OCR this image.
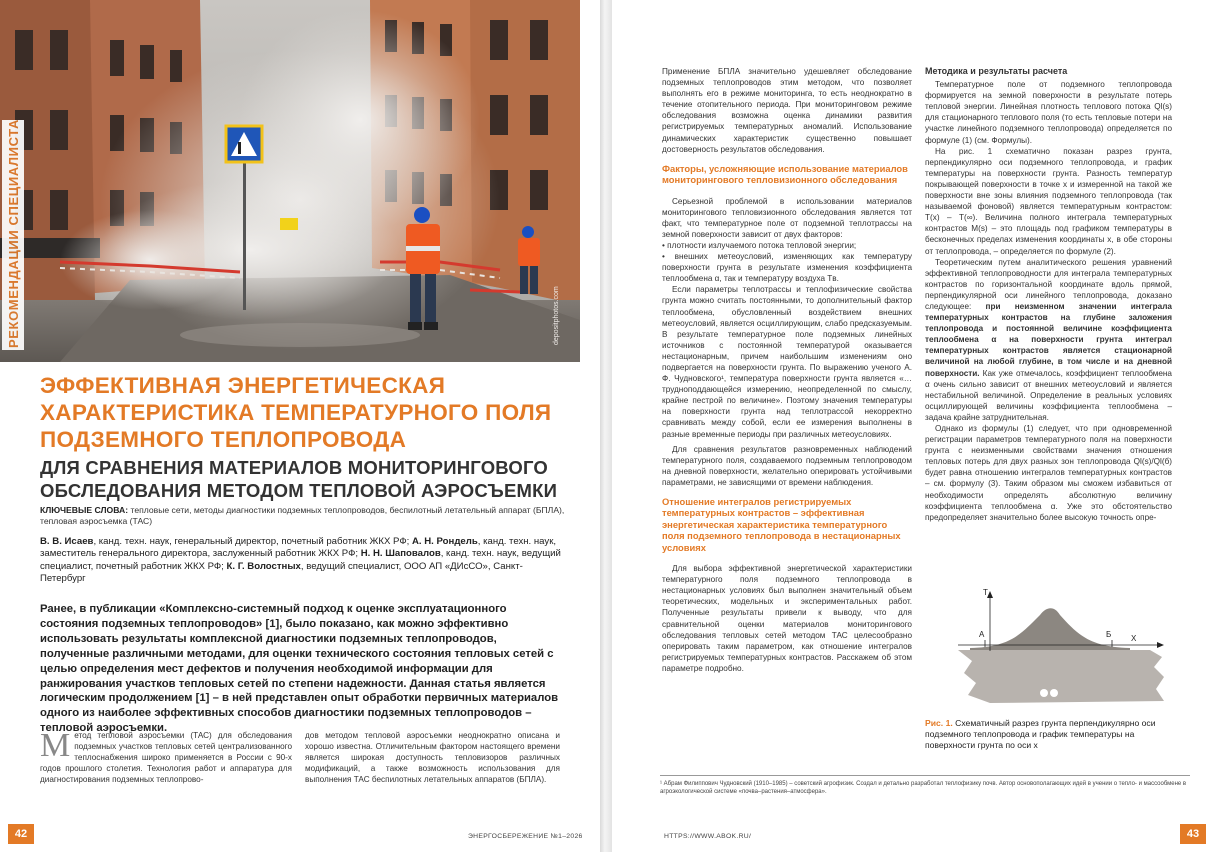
depositphotos.com
РЕКОМЕНДАЦИИ СПЕЦИАЛИСТА
ЭФФЕКТИВНАЯ ЭНЕРГЕТИЧЕСКАЯ ХАРАКТЕРИСТИКА ТЕМПЕРАТУРНОГО ПОЛЯ ПОДЗЕМНОГО ТЕПЛОПРОВОДА
ДЛЯ СРАВНЕНИЯ МАТЕРИАЛОВ МОНИТОРИНГОВОГО ОБСЛЕДОВАНИЯ МЕТОДОМ ТЕПЛОВОЙ АЭРОСЪЕМКИ
КЛЮЧЕВЫЕ СЛОВА: тепловые сети, методы диагностики подземных теплопроводов, беспилотный летательный аппарат (БПЛА), тепловая аэросъемка (ТАС)
В. В. Исаев, канд. техн. наук, генеральный директор, почетный работник ЖКХ РФ; А. Н. Рондель, канд. техн. наук, заместитель генерального директора, заслуженный работник ЖКХ РФ; Н. Н. Шаповалов, канд. техн. наук, ведущий специалист, почетный работник ЖКХ РФ; К. Г. Волостных, ведущий специалист, ООО АП «ДИсСО», Санкт-Петербург

Ранее, в публикации «Комплексно-системный подход к оценке эксплуатационного состояния подземных теплопроводов» [1], было показано, как можно эффективно использовать результаты комплексной диагностики подземных теплопроводов, полученные различными методами, для оценки технического состояния тепловых сетей с целью определения мест дефектов и получения необходимой информации для ранжирования участков тепловых сетей по степени надежности. Данная статья является логическим продолжением [1] – в ней представлен опыт обработки первичных материалов одного из наиболее эффективных способов диагностики подземных теплопроводов – тепловой аэросъемки.

Метод тепловой аэросъемки (ТАС) для обследования подземных участков тепловых сетей централизованного теплоснабжения широко применяется в России с 90-х годов прошлого столетия. Технология работ и аппаратура для диагностирования подземных теплопрово-

дов методом тепловой аэросъемки неоднократно описана и хорошо известна. Отличительным фактором настоящего времени является широкая доступность тепловизоров различных модификаций, а также возможность использования для выполнения ТАС беспилотных летательных аппаратов (БПЛА).

42	ЭНЕРГОСБЕРЕЖЕНИЕ №1–2026

Применение БПЛА значительно удешевляет обследование подземных теплопроводов этим методом, что позволяет выполнять его в режиме мониторинга, то есть неоднократно в течение отопительного периода. При мониторинговом режиме обследования возможна оценка динамики развития регистрируемых температурных аномалий. Использование динамических характеристик существенно повышает достоверность результатов обследования.

Факторы, усложняющие использование материалов мониторингового тепловизионного обследования

Серьезной проблемой в использовании материалов мониторингового тепловизионного обследования является тот факт, что температурное поле от подземной теплотрассы на земной поверхности зависит от двух факторов:

• плотности излучаемого потока тепловой энергии;
• внешних метеоусловий, изменяющих как температуру поверхности грунта в результате изменения коэффициента теплообмена α, так и температуру воздуха Tв.

Если параметры теплотрассы и теплофизические свойства грунта можно считать постоянными, то дополнительный фактор теплообмена, обусловленный воздействием внешних метеоусловий, является осциллирующим, слабо предсказуемым. В результате температурное поле подземных линейных источников с постоянной температурой оказывается нестационарным, причем наибольшим изменениям оно подвергается на поверхности грунта. По выражению ученого А. Ф. Чудновского¹, температура поверхности грунта является «…трудноподдающейся измерению, неопределенной по смыслу, крайне пестрой по величине». Поэтому значения температуры на поверхности грунта над теплотрассой некорректно сравнивать между собой, если ее измерения выполнены в разные временные периоды при различных метеоусловиях.

Для сравнения результатов разновременных наблюдений температурного поля, создаваемого подземным теплопроводом на дневной поверхности, желательно оперировать устойчивыми параметрами, не зависящими от времени наблюдения.

Отношение интегралов регистрируемых температурных контрастов – эффективная энергетическая характеристика температурного поля подземного теплопровода в нестационарных условиях

Для выбора эффективной энергетической характеристики температурного поля подземного теплопровода в нестационарных условиях был выполнен значительный объем теоретических, модельных и экспериментальных работ. Полученные результаты привели к выводу, что для сравнительной оценки материалов мониторингового обследования тепловых сетей методом ТАС целесообразно оперировать таким параметром, как отношение интегралов регистрируемых температурных контрастов. Расскажем об этом параметре подробно.

Методика и результаты расчета

Температурное поле от подземного теплопровода формируется на земной поверхности в результате потерь тепловой энергии. Линейная плотность теплового потока Ql(s) для стационарного теплового поля (то есть тепловые потери на участке линейного подземного теплопровода) определяется по формуле (1) (см. Формулы).

На рис. 1 схематично показан разрез грунта, перпендикулярно оси подземного теплопровода, и график температуры на поверхности грунта. Разность температур покрывающей поверхности в точке x и измеренной на такой же поверхности вне зоны влияния подземного теплопровода (так называемой фоновой) является температурным контрастом: T(x) – T(∞). Величина полного интеграла температурных контрастов M(s) – это площадь под графиком температуры в бесконечных пределах изменения координаты x, в обе стороны от теплопровода, – определяется по формуле (2).

Теоретическим путем аналитического решения уравнений эффективной теплопроводности для интеграла температурных контрастов по горизонтальной координате вдоль прямой, перпендикулярной оси линейного теплопровода, доказано следующее: при неизменном значении интеграла температурных контрастов на глубине заложения теплопровода и постоянной величине коэффициента теплообмена α на поверхности грунта интеграл температурных контрастов является стационарной величиной на любой глубине, в том числе и на дневной поверхности. Как уже отмечалось, коэффициент теплообмена α очень сильно зависит от внешних метеоусловий и является нестабильной величиной. Определение в реальных условиях осциллирующей величины коэффициента теплообмена – задача крайне затруднительная.

Однако из формулы (1) следует, что при одновременной регистрации параметров температурного поля на поверхности грунта с неизменными свойствами значения отношения тепловых потерь для двух разных зон теплопровода Ql(s)/Ql(б) будет равна отношению интегралов температурных контрастов – см. формулу (3). Таким образом мы сможем избавиться от необходимости определять абсолютную величину коэффициента теплообмена α. Уже это обстоятельство предопределяет значительно более высокую точность опре-

T
X
А	Б
Рис. 1. Схематичный разрез грунта перпендикулярно оси подземного теплопровода и график температуры на поверхности грунта по оси x
¹ Абрам Филиппович Чудновский (1910–1985) – советский агрофизик. Создал и детально разработал теплофизику почв. Автор основополагающих идей в учении о тепло- и массообмене в агроэкологической системе «почва–растения–атмосфера».
HTTPS://WWW.ABOK.RU/	43
